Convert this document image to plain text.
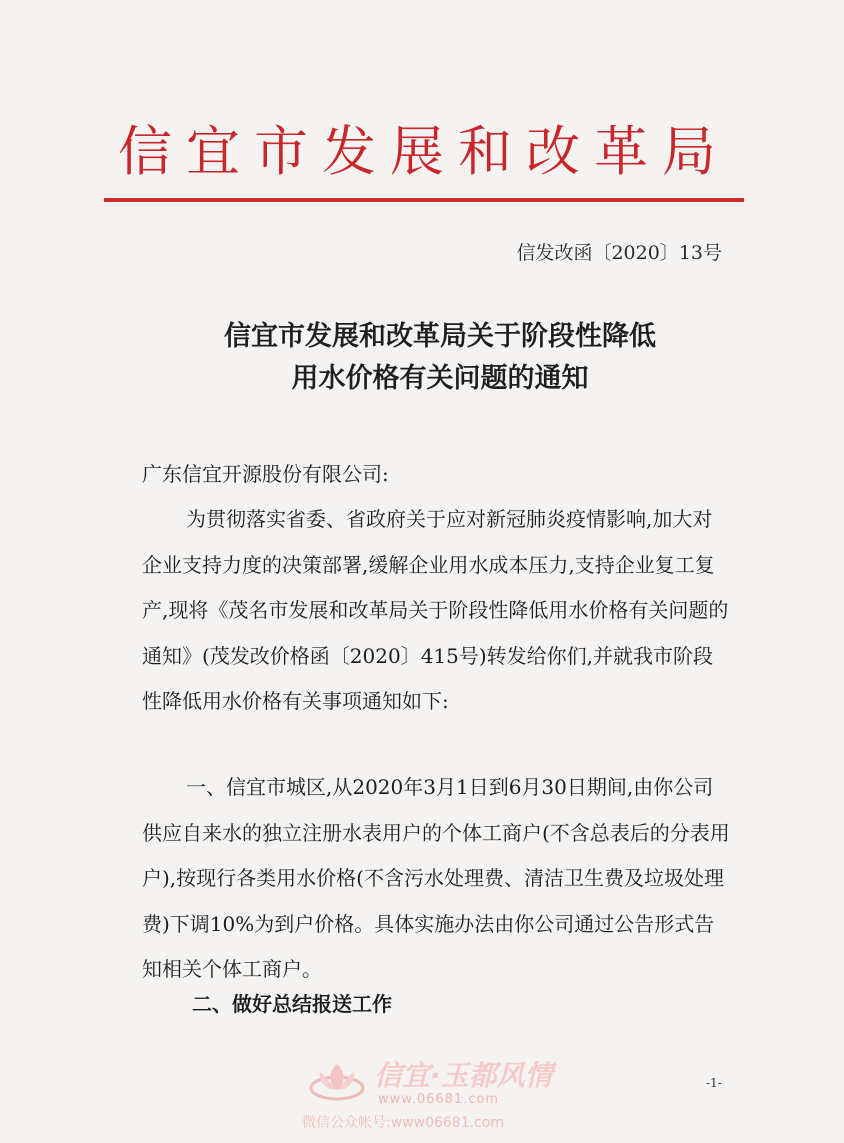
信宜市发展和改革局
信发改函〔2020〕13号
信宜市发展和改革局关于阶段性降低
用水价格有关问题的通知
广东信宜开源股份有限公司:

为贯彻落实省委、省政府关于应对新冠肺炎疫情影响,加大对企业支持力度的决策部署,缓解企业用水成本压力,支持企业复工复产,现将《茂名市发展和改革局关于阶段性降低用水价格有关问题的通知》(茂发改价格函〔2020〕415号)转发给你们,并就我市阶段性降低用水价格有关事项通知如下:

一、信宜市城区,从2020年3月1日到6月30日期间,由你公司供应自来水的独立注册水表用户的个体工商户(不含总表后的分表用户),按现行各类用水价格(不含污水处理费、清洁卫生费及垃圾处理费)下调10%为到户价格。具体实施办法由你公司通过公告形式告知相关个体工商户。

二、做好总结报送工作
信宜·玉都风情
www.06681.com
微信公众帐号:www06681.com
-1-
